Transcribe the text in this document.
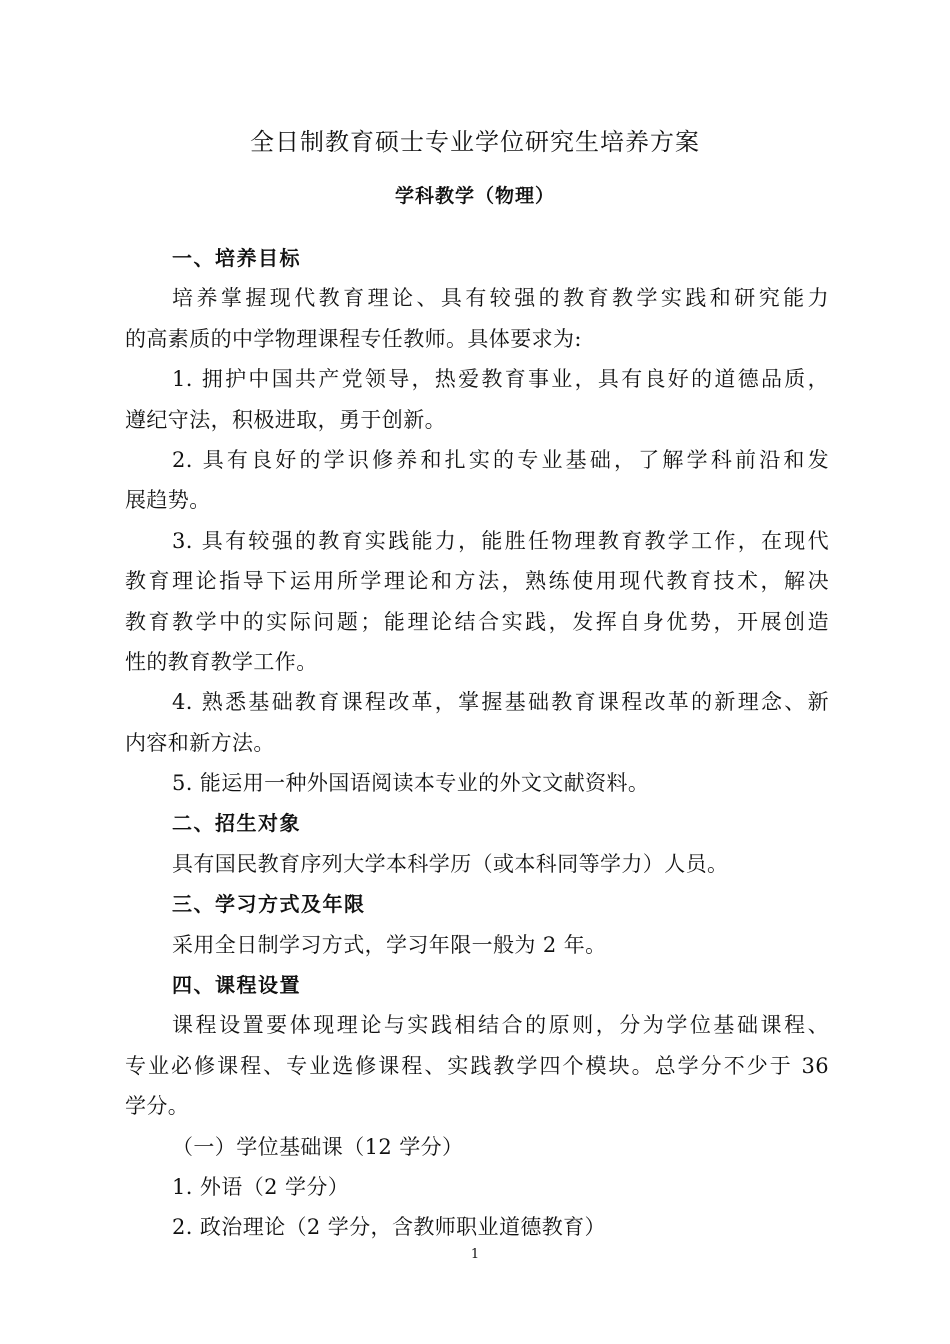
全日制教育硕士专业学位研究生培养方案
学科教学（物理）
一、培养目标
培养掌握现代教育理论、具有较强的教育教学实践和研究能力
的高素质的中学物理课程专任教师。具体要求为:
1. 拥护中国共产党领导，热爱教育事业，具有良好的道德品质，
遵纪守法，积极进取，勇于创新。
2. 具有良好的学识修养和扎实的专业基础，了解学科前沿和发
展趋势。
3. 具有较强的教育实践能力，能胜任物理教育教学工作，在现代
教育理论指导下运用所学理论和方法，熟练使用现代教育技术，解决
教育教学中的实际问题；能理论结合实践，发挥自身优势，开展创造
性的教育教学工作。
4. 熟悉基础教育课程改革，掌握基础教育课程改革的新理念、新
内容和新方法。
5. 能运用一种外国语阅读本专业的外文文献资料。
二、招生对象
具有国民教育序列大学本科学历（或本科同等学力）人员。
三、学习方式及年限
采用全日制学习方式，学习年限一般为 2 年。
四、课程设置
课程设置要体现理论与实践相结合的原则，分为学位基础课程、
专业必修课程、专业选修课程、实践教学四个模块。总学分不少于 36
学分。
（一）学位基础课（12 学分）
1. 外语（2 学分）
2. 政治理论（2 学分，含教师职业道德教育）
1
